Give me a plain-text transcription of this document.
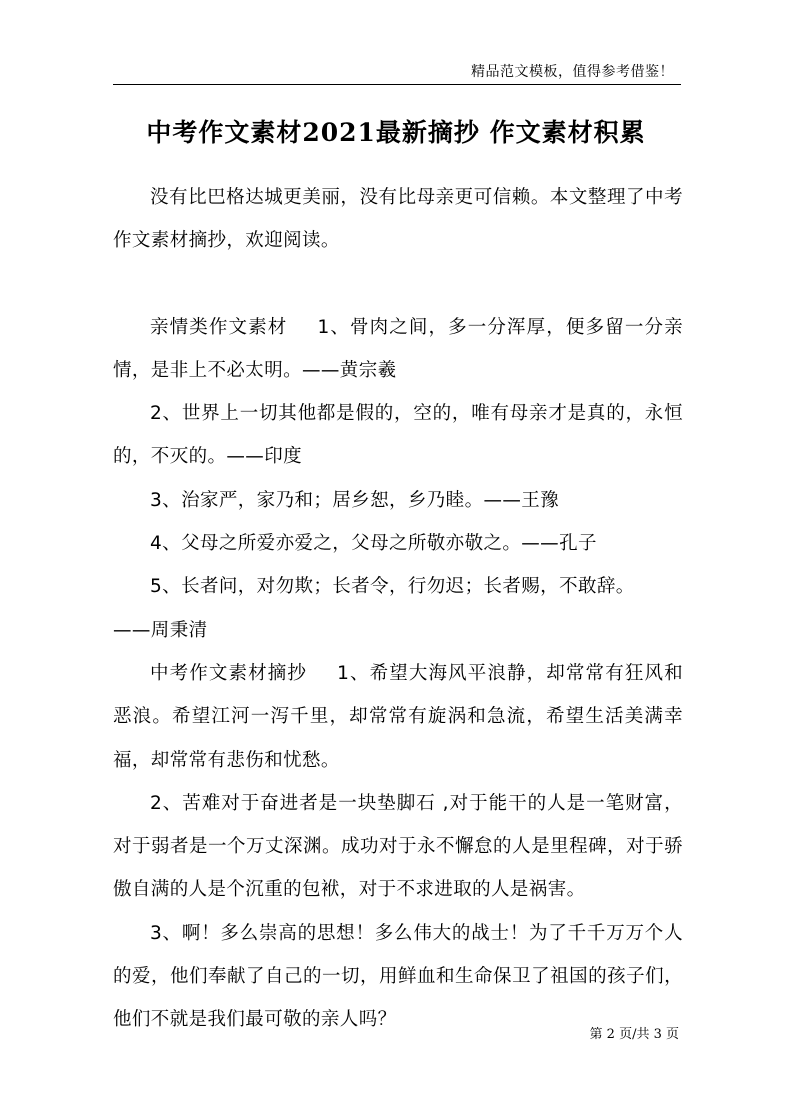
精品范文模板，值得参考借鉴！
中考作文素材2021最新摘抄 作文素材积累

没有比巴格达城更美丽，没有比母亲更可信赖。本文整理了中考作文素材摘抄，欢迎阅读。

亲情类作文素材 1、骨肉之间，多一分浑厚，便多留一分亲情，是非上不必太明。——黄宗羲

2、世界上一切其他都是假的，空的，唯有母亲才是真的，永恒的，不灭的。——印度

3、治家严，家乃和；居乡恕，乡乃睦。——王豫

4、父母之所爱亦爱之，父母之所敬亦敬之。——孔子

5、长者问，对勿欺；长者令，行勿迟；长者赐，不敢辞。

——周秉清

中考作文素材摘抄 1、希望大海风平浪静，却常常有狂风和恶浪。希望江河一泻千里，却常常有旋涡和急流，希望生活美满幸福，却常常有悲伤和忧愁。

2、苦难对于奋进者是一块垫脚石 ,对于能干的人是一笔财富，对于弱者是一个万丈深渊。成功对于永不懈怠的人是里程碑，对于骄傲自满的人是个沉重的包袱，对于不求进取的人是祸害。

3、啊！多么崇高的思想！多么伟大的战士！为了千千万万个人的爱，他们奉献了自己的一切，用鲜血和生命保卫了祖国的孩子们，他们不就是我们最可敬的亲人吗？

第 2 页/共 3 页
